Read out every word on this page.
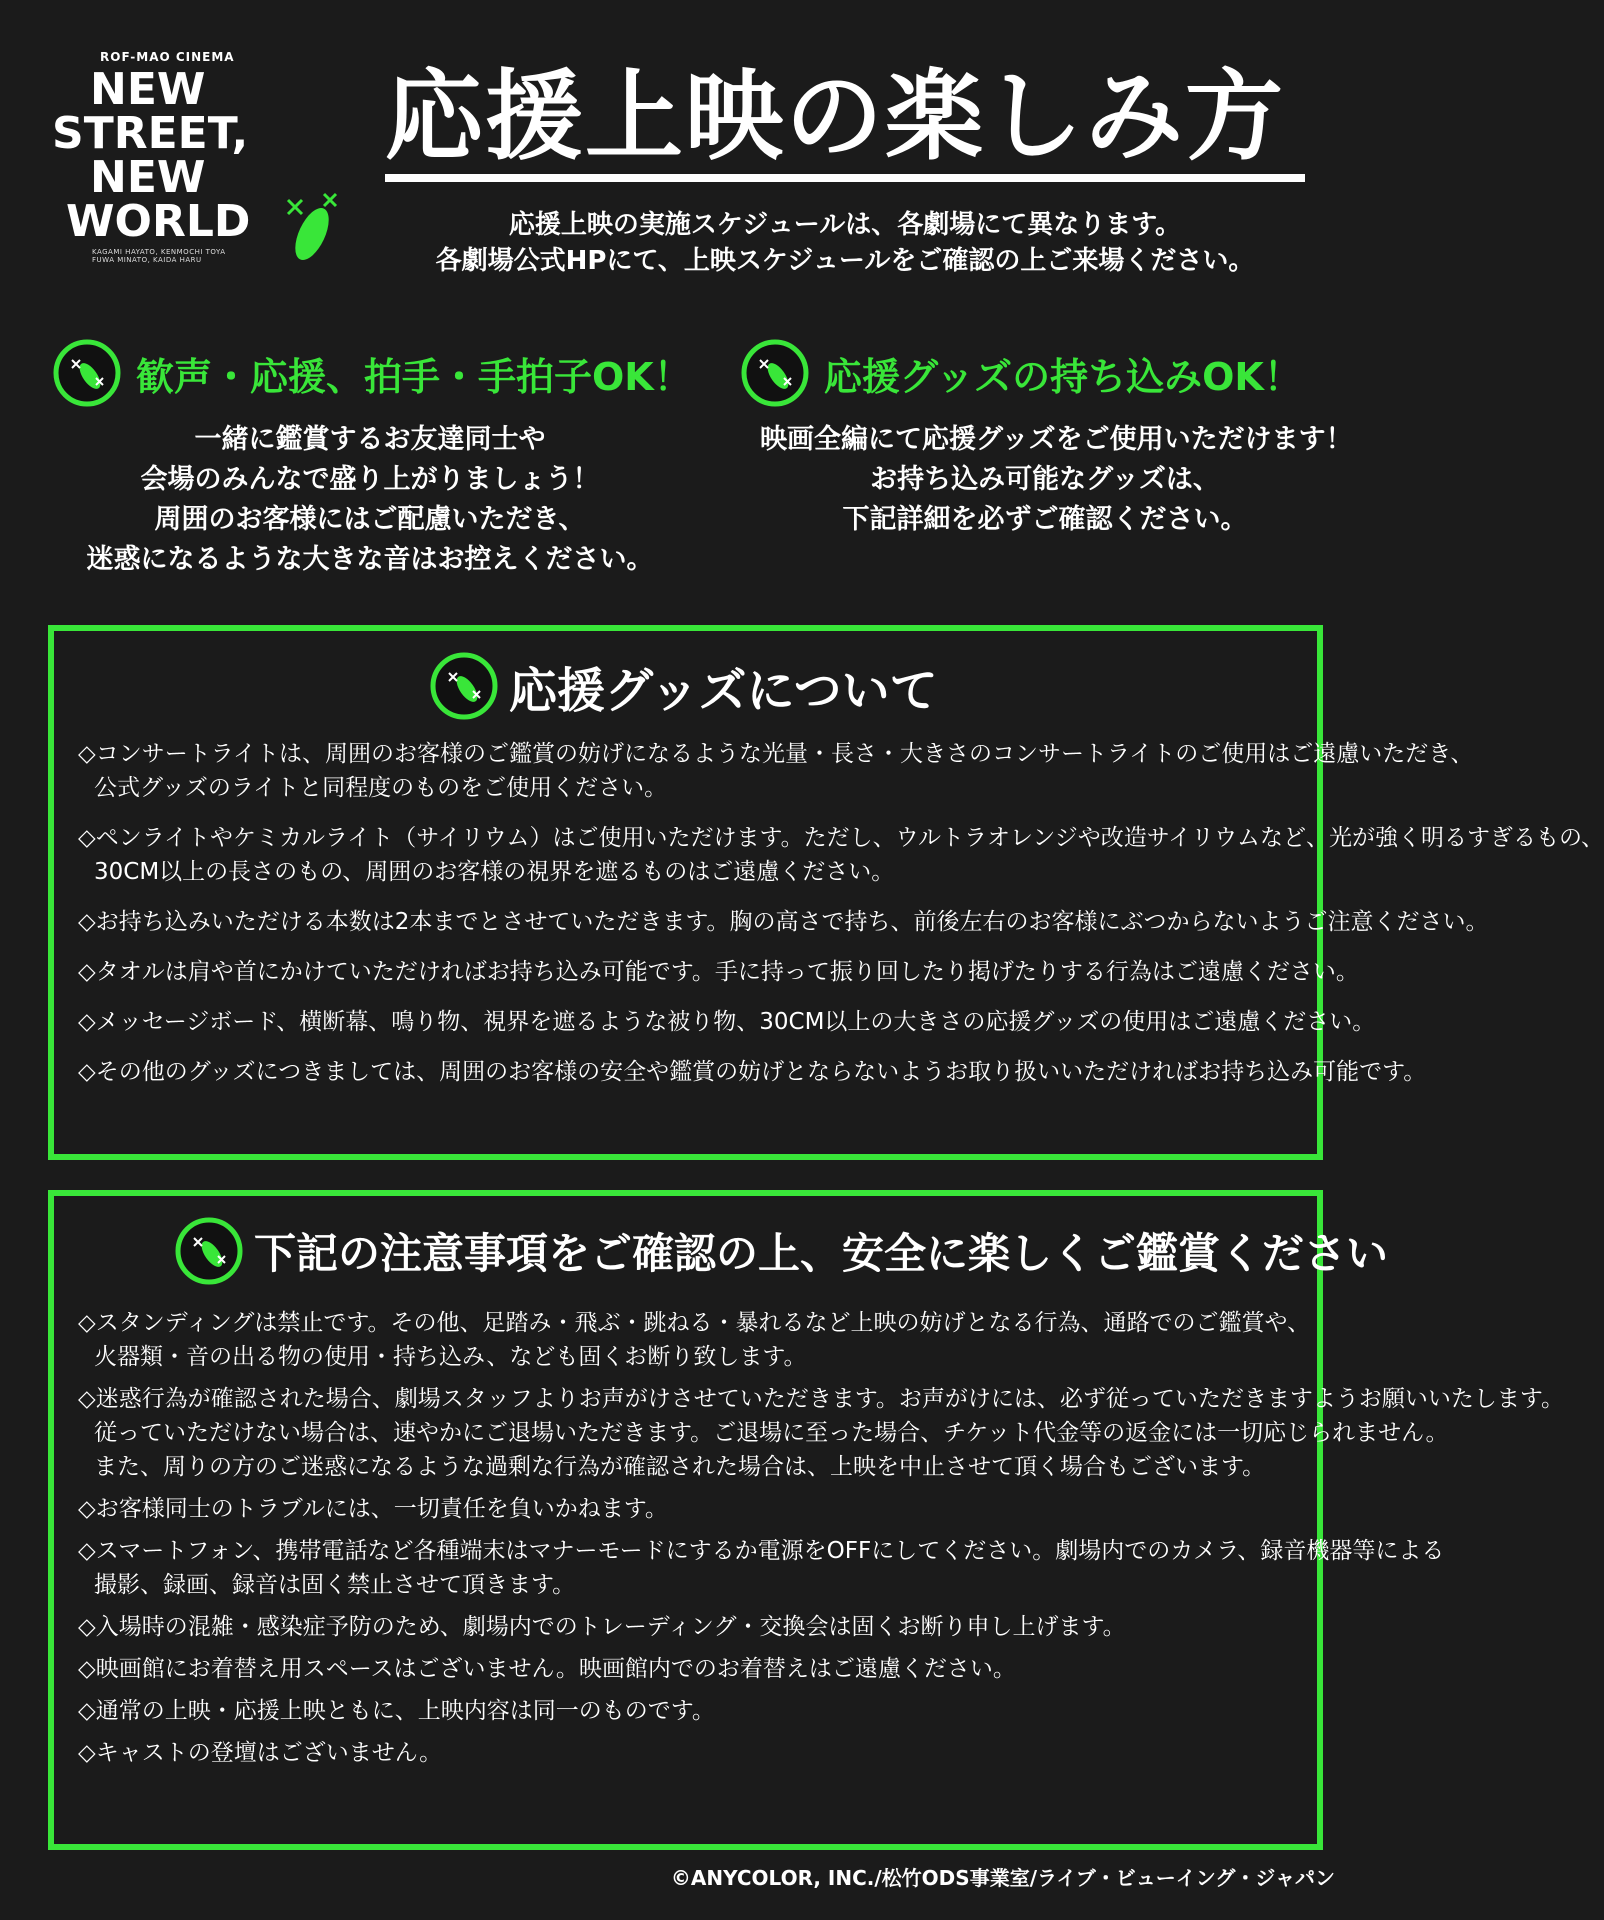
ROF-MAO CINEMA
NEW
STREET,
NEW
WORLD
KAGAMI HAYATO, KENMOCHI TOYA
FUWA MINATO, KAIDA HARU
応援上映の楽しみ方
応援上映の実施スケジュールは、各劇場にて異なります。
各劇場公式HPにて、上映スケジュールをご確認の上ご来場ください。
歓声・応援、拍手・手拍子OK！
一緒に鑑賞するお友達同士や
会場のみんなで盛り上がりましょう！
周囲のお客様にはご配慮いただき、
迷惑になるような大きな音はお控えください。
応援グッズの持ち込みOK！
映画全編にて応援グッズをご使用いただけます！
お持ち込み可能なグッズは、
下記詳細を必ずご確認ください。
応援グッズについて
◇コンサートライトは、周囲のお客様のご鑑賞の妨げになるような光量・長さ・大きさのコンサートライトのご使用はご遠慮いただき、
公式グッズのライトと同程度のものをご使用ください。
◇ペンライトやケミカルライト（サイリウム）はご使用いただけます。ただし、ウルトラオレンジや改造サイリウムなど、光が強く明るすぎるもの、
30CM以上の長さのもの、周囲のお客様の視界を遮るものはご遠慮ください。
◇お持ち込みいただける本数は2本までとさせていただきます。胸の高さで持ち、前後左右のお客様にぶつからないようご注意ください。
◇タオルは肩や首にかけていただければお持ち込み可能です。手に持って振り回したり掲げたりする行為はご遠慮ください。
◇メッセージボード、横断幕、鳴り物、視界を遮るような被り物、30CM以上の大きさの応援グッズの使用はご遠慮ください。
◇その他のグッズにつきましては、周囲のお客様の安全や鑑賞の妨げとならないようお取り扱いいただければお持ち込み可能です。
下記の注意事項をご確認の上、安全に楽しくご鑑賞ください
◇スタンディングは禁止です。その他、足踏み・飛ぶ・跳ねる・暴れるなど上映の妨げとなる行為、通路でのご鑑賞や、
火器類・音の出る物の使用・持ち込み、なども固くお断り致します。
◇迷惑行為が確認された場合、劇場スタッフよりお声がけさせていただきます。お声がけには、必ず従っていただきますようお願いいたします。
従っていただけない場合は、速やかにご退場いただきます。ご退場に至った場合、チケット代金等の返金には一切応じられません。
また、周りの方のご迷惑になるような過剰な行為が確認された場合は、上映を中止させて頂く場合もございます。
◇お客様同士のトラブルには、一切責任を負いかねます。
◇スマートフォン、携帯電話など各種端末はマナーモードにするか電源をOFFにしてください。劇場内でのカメラ、録音機器等による
撮影、録画、録音は固く禁止させて頂きます。
◇入場時の混雑・感染症予防のため、劇場内でのトレーディング・交換会は固くお断り申し上げます。
◇映画館にお着替え用スペースはございません。映画館内でのお着替えはご遠慮ください。
◇通常の上映・応援上映ともに、上映内容は同一のものです。
◇キャストの登壇はございません。
©ANYCOLOR, INC./松竹ODS事業室/ライブ・ビューイング・ジャパン
